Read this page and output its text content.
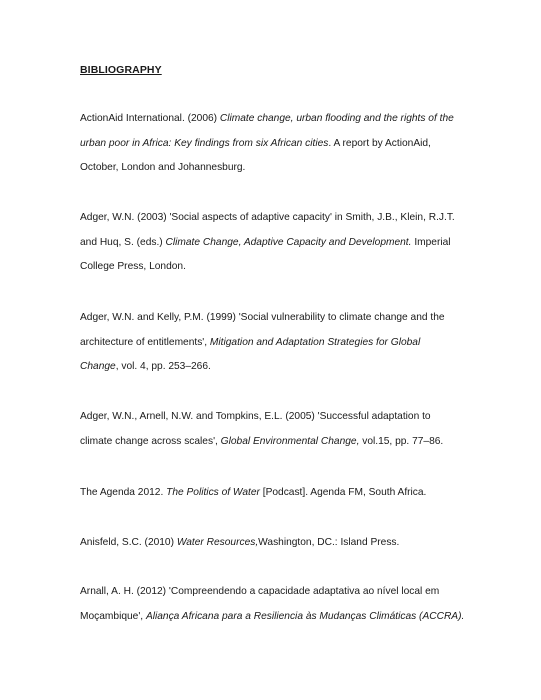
BIBLIOGRAPHY
ActionAid International. (2006) Climate change, urban flooding and the rights of the
urban poor in Africa: Key findings from six African cities. A report by ActionAid,
October, London and Johannesburg.
Adger, W.N. (2003) 'Social aspects of adaptive capacity' in Smith, J.B., Klein, R.J.T.
and Huq, S. (eds.) Climate Change, Adaptive Capacity and Development. Imperial
College Press, London.
Adger, W.N. and Kelly, P.M. (1999) 'Social vulnerability to climate change and the
architecture of entitlements', Mitigation and Adaptation Strategies for Global
Change, vol. 4, pp. 253–266.
Adger, W.N., Arnell, N.W. and Tompkins, E.L. (2005) 'Successful adaptation to
climate change across scales', Global Environmental Change, vol.15, pp. 77–86.
The Agenda 2012. The Politics of Water [Podcast]. Agenda FM, South Africa.
Anisfeld, S.C. (2010) Water Resources,Washington, DC.: Island Press.
Arnall, A. H. (2012) 'Compreendendo a capacidade adaptativa ao nível local em
Moçambique', Aliança Africana para a Resiliencia às Mudanças Climáticas (ACCRA).
